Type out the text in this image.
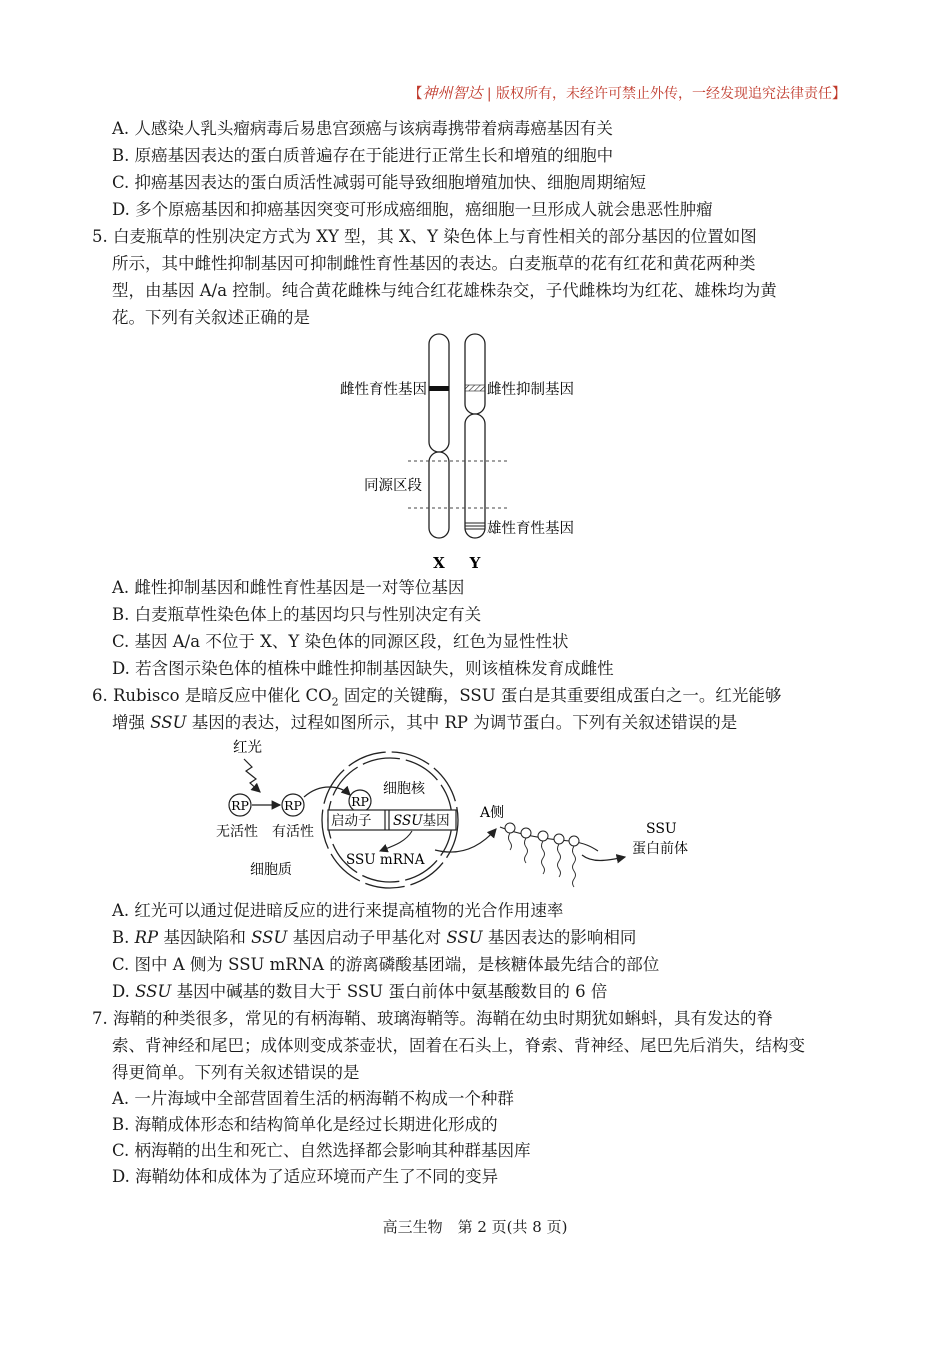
【神州智达 | 版权所有，未经许可禁止外传，一经发现追究法律责任】
A. 人感染人乳头瘤病毒后易患宫颈癌与该病毒携带着病毒癌基因有关
B. 原癌基因表达的蛋白质普遍存在于能进行正常生长和增殖的细胞中
C. 抑癌基因表达的蛋白质活性减弱可能导致细胞增殖加快、细胞周期缩短
D. 多个原癌基因和抑癌基因突变可形成癌细胞，癌细胞一旦形成人就会患恶性肿瘤
5. 白麦瓶草的性别决定方式为 XY 型，其 X、Y 染色体上与育性相关的部分基因的位置如图
所示，其中雌性抑制基因可抑制雌性育性基因的表达。白麦瓶草的花有红花和黄花两种类
型，由基因 A/a 控制。纯合黄花雌株与纯合红花雄株杂交，子代雌株均为红花、雄株均为黄
花。下列有关叙述正确的是
雌性育性基因	雌性抑制基因
同源区段
雄性育性基因
X Y
A. 雌性抑制基因和雌性育性基因是一对等位基因
B. 白麦瓶草性染色体上的基因均只与性别决定有关
C. 基因 A/a 不位于 X、Y 染色体的同源区段，红色为显性性状
D. 若含图示染色体的植株中雌性抑制基因缺失，则该植株发育成雌性
6. Rubisco 是暗反应中催化 $CO_2$ 固定的关键酶，SSU 蛋白是其重要组成蛋白之一。红光能够
增强 SSU 基因的表达，过程如图所示，其中 RP 为调节蛋白。下列有关叙述错误的是
红光
RP	RP
无活性 有活性
细胞质
细胞核
RP
启动子 SSU基因
SSU mRNA
A侧
SSU
蛋白前体
A. 红光可以通过促进暗反应的进行来提高植物的光合作用速率
B. RP 基因缺陷和 SSU 基因启动子甲基化对 SSU 基因表达的影响相同
C. 图中 A 侧为 SSU mRNA 的游离磷酸基团端，是核糖体最先结合的部位
D. SSU 基因中碱基的数目大于 SSU 蛋白前体中氨基酸数目的 6 倍
7. 海鞘的种类很多，常见的有柄海鞘、玻璃海鞘等。海鞘在幼虫时期犹如蝌蚪，具有发达的脊
索、背神经和尾巴；成体则变成茶壶状，固着在石头上，脊索、背神经、尾巴先后消失，结构变
得更简单。下列有关叙述错误的是
A. 一片海域中全部营固着生活的柄海鞘不构成一个种群
B. 海鞘成体形态和结构简单化是经过长期进化形成的
C. 柄海鞘的出生和死亡、自然选择都会影响其种群基因库
D. 海鞘幼体和成体为了适应环境而产生了不同的变异
高三生物　第 2 页(共 8 页)
